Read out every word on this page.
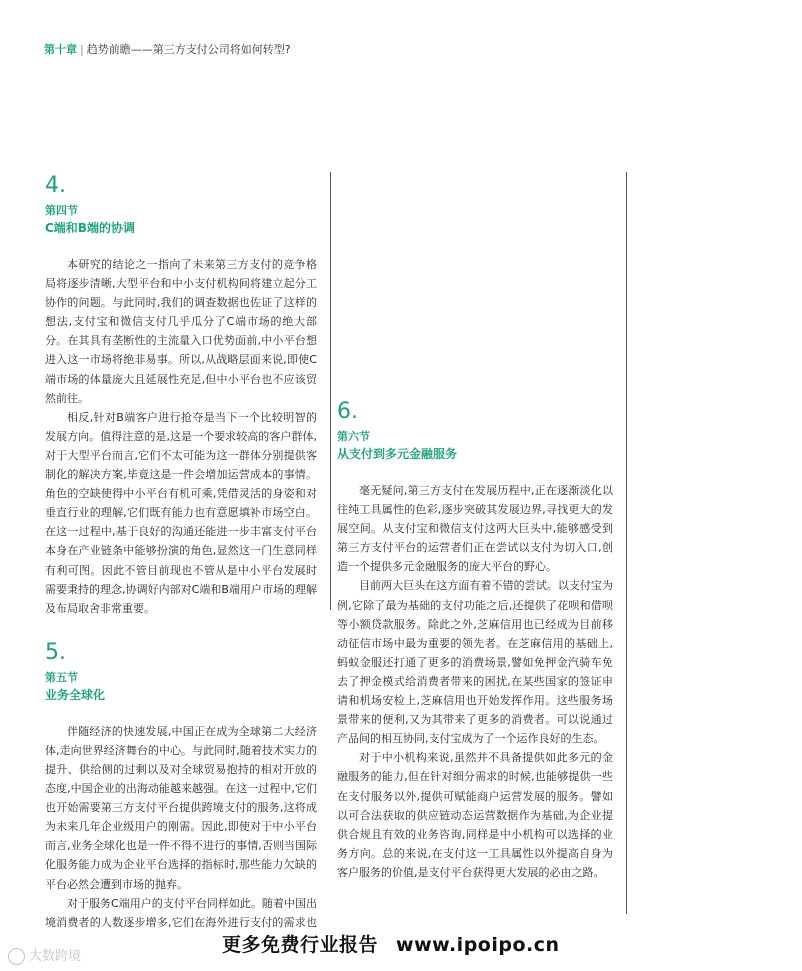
第十章 | 趋势前瞻——第三方支付公司将如何转型?
4.
第四节
C端和B端的协调

本研究的结论之一指向了未来第三方支付的竞争格局将逐步清晰,大型平台和中小支付机构间将建立起分工协作的问题。与此同时,我们的调查数据也佐证了这样的想法,支付宝和微信支付几乎瓜分了C端市场的绝大部分。在其具有垄断性的主流量入口优势面前,中小平台想进入这一市场将绝非易事。所以,从战略层面来说,即使C端市场的体量庞大且延展性充足,但中小平台也不应该贸然前往。

相反,针对B端客户进行抢夺是当下一个比较明智的发展方向。值得注意的是,这是一个要求较高的客户群体,对于大型平台而言,它们不太可能为这一群体分别提供客制化的解决方案,毕竟这是一件会增加运营成本的事情。角色的空缺使得中小平台有机可乘,凭借灵活的身姿和对垂直行业的理解,它们既有能力也有意愿填补市场空白。在这一过程中,基于良好的沟通还能进一步丰富支付平台本身在产业链条中能够扮演的角色,显然这一门生意同样有利可图。因此不管目前现也不管从是中小平台发展时需要秉持的理念,协调好内部对C端和B端用户市场的理解及布局取舍非常重要。

5.
第五节
业务全球化

伴随经济的快速发展,中国正在成为全球第二大经济体,走向世界经济舞台的中心。与此同时,随着技术实力的提升、供给侧的过剩以及对全球贸易抱持的相对开放的态度,中国企业的出海动能越来越强。在这一过程中,它们也开始需要第三方支付平台提供跨境支付的服务,这将成为未来几年企业级用户的刚需。因此,即使对于中小平台而言,业务全球化也是一件不得不进行的事情,否则当国际化服务能力成为企业平台选择的指标时,那些能力欠缺的平台必然会遭到市场的抛弃。

对于服务C端用户的支付平台同样如此。随着中国出境消费者的人数逐步增多,它们在海外进行支付的需求也

6.
第六节
从支付到多元金融服务

毫无疑问,第三方支付在发展历程中,正在逐渐淡化以往纯工具属性的色彩,逐步突破其发展边界,寻找更大的发展空间。从支付宝和微信支付这两大巨头中,能够感受到第三方支付平台的运营者们正在尝试以支付为切入口,创造一个提供多元金融服务的庞大平台的野心。

目前两大巨头在这方面有着不错的尝试。以支付宝为例,它除了最为基础的支付功能之后,还提供了花呗和借呗等小额贷款服务。除此之外,芝麻信用也已经成为目前移动征信市场中最为重要的领先者。在芝麻信用的基础上,蚂蚁金服还打通了更多的消费场景,譬如免押金汽骑车免去了押金模式给消费者带来的困扰,在某些国家的签证申请和机场安检上,芝麻信用也开始发挥作用。这些服务场景带来的便利,又为其带来了更多的消费者。可以说通过产品间的相互协同,支付宝成为了一个运作良好的生态。

对于中小机构来说,虽然并不具备提供如此多元的金融服务的能力,但在针对细分需求的时候,也能够提供一些在支付服务以外,提供可赋能商户运营发展的服务。譬如以可合法获取的供应链动态运营数据作为基础,为企业提供合规且有效的业务咨询,同样是中小机构可以选择的业务方向。总的来说,在支付这一工具属性以外提高自身为客户服务的价值,是支付平台获得更大发展的必由之路。

更多免费行业报告 www.ipoipo.cn
大数跨境
